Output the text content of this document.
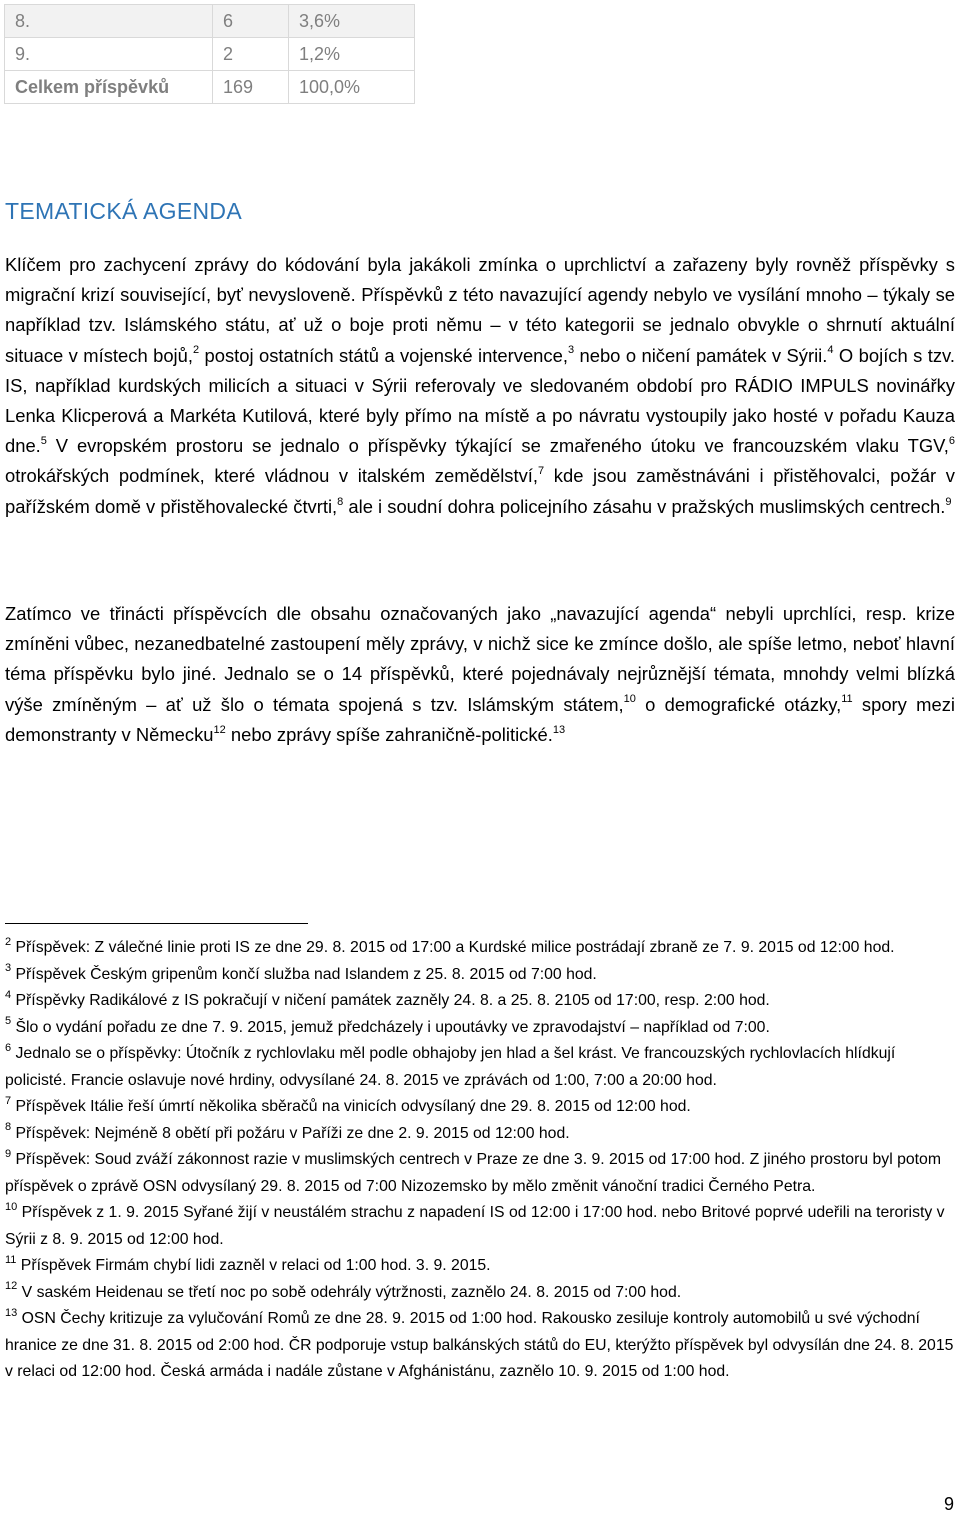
8.	6	3,6%
9.	2	1,2%
Celkem příspěvků	169	100,0%
TEMATICKÁ AGENDA
Klíčem pro zachycení zprávy do kódování byla jakákoli zmínka o uprchlictví a zařazeny byly rovněž příspěvky s migrační krizí související, byť nevysloveně. Příspěvků z této navazující agendy nebylo ve vysílání mnoho – týkaly se například tzv. Islámského státu, ať už o boje proti němu – v této kategorii se jednalo obvykle o shrnutí aktuální situace v místech bojů,$^2$ postoj ostatních států a vojenské intervence,$^3$ nebo o ničení památek v Sýrii.$^4$ O bojích s tzv. IS, například kurdských milicích a situaci v Sýrii referovaly ve sledovaném období pro RÁDIO IMPULS novinářky Lenka Klicperová a Markéta Kutilová, které byly přímo na místě a po návratu vystoupily jako hosté v pořadu Kauza dne.$^5$ V evropském prostoru se jednalo o příspěvky týkající se zmařeného útoku ve francouzském vlaku TGV,$^6$ otrokářských podmínek, které vládnou v italském zemědělství,$^7$ kde jsou zaměstnáváni i přistěhovalci, požár v pařížském domě v přistěhovalecké čtvrti,$^8$ ale i soudní dohra policejního zásahu v pražských muslimských centrech.$^9$
Zatímco ve třinácti příspěvcích dle obsahu označovaných jako „navazující agenda“ nebyli uprchlíci, resp. krize zmíněni vůbec, nezanedbatelné zastoupení měly zprávy, v nichž sice ke zmínce došlo, ale spíše letmo, neboť hlavní téma příspěvku bylo jiné. Jednalo se o 14 příspěvků, které pojednávaly nejrůznější témata, mnohdy velmi blízká výše zmíněným – ať už šlo o témata spojená s tzv. Islámským státem,$^{10}$ o demografické otázky,$^{11}$ spory mezi demonstranty v Německu$^{12}$ nebo zprávy spíše zahraničně-politické.$^{13}$

$^2$ Příspěvek: Z válečné linie proti IS ze dne 29. 8. 2015 od 17:00 a Kurdské milice postrádají zbraně ze 7. 9. 2015 od 12:00 hod.

$^3$ Příspěvek Českým gripenům končí služba nad Islandem z 25. 8. 2015 od 7:00 hod.

$^4$ Příspěvky Radikálové z IS pokračují v ničení památek zazněly 24. 8. a 25. 8. 2105 od 17:00, resp. 2:00 hod.

$^5$ Šlo o vydání pořadu ze dne 7. 9. 2015, jemuž předcházely i upoutávky ve zpravodajství – například od 7:00.

$^6$ Jednalo se o příspěvky: Útočník z rychlovlaku měl podle obhajoby jen hlad a šel krást. Ve francouzských rychlovlacích hlídkují policisté. Francie oslavuje nové hrdiny, odvysílané 24. 8. 2015 ve zprávách od 1:00, 7:00 a 20:00 hod.

$^7$ Příspěvek Itálie řeší úmrtí několika sběračů na vinicích odvysílaný dne 29. 8. 2015 od 12:00 hod.

$^8$ Příspěvek: Nejméně 8 obětí při požáru v Paříži ze dne 2. 9. 2015 od 12:00 hod.

$^9$ Příspěvek: Soud zváží zákonnost razie v muslimských centrech v Praze ze dne 3. 9. 2015 od 17:00 hod. Z jiného prostoru byl potom příspěvek o zprávě OSN odvysílaný 29. 8. 2015 od 7:00 Nizozemsko by mělo změnit vánoční tradici Černého Petra.

$^{10}$ Příspěvek z 1. 9. 2015 Syřané žijí v neustálém strachu z napadení IS od 12:00 i 17:00 hod. nebo Britové poprvé udeřili na teroristy v Sýrii z 8. 9. 2015 od 12:00 hod.

$^{11}$ Příspěvek Firmám chybí lidi zazněl v relaci od 1:00 hod. 3. 9. 2015.

$^{12}$ V saském Heidenau se třetí noc po sobě odehrály výtržnosti, zaznělo 24. 8. 2015 od 7:00 hod.

$^{13}$ OSN Čechy kritizuje za vylučování Romů ze dne 28. 9. 2015 od 1:00 hod. Rakousko zesiluje kontroly automobilů u své východní hranice ze dne 31. 8. 2015 od 2:00 hod. ČR podporuje vstup balkánských států do EU, kterýžto příspěvek byl odvysílán dne 24. 8. 2015 v relaci od 12:00 hod. Česká armáda i nadále zůstane v Afghánistánu, zaznělo 10. 9. 2015 od 1:00 hod.

9
